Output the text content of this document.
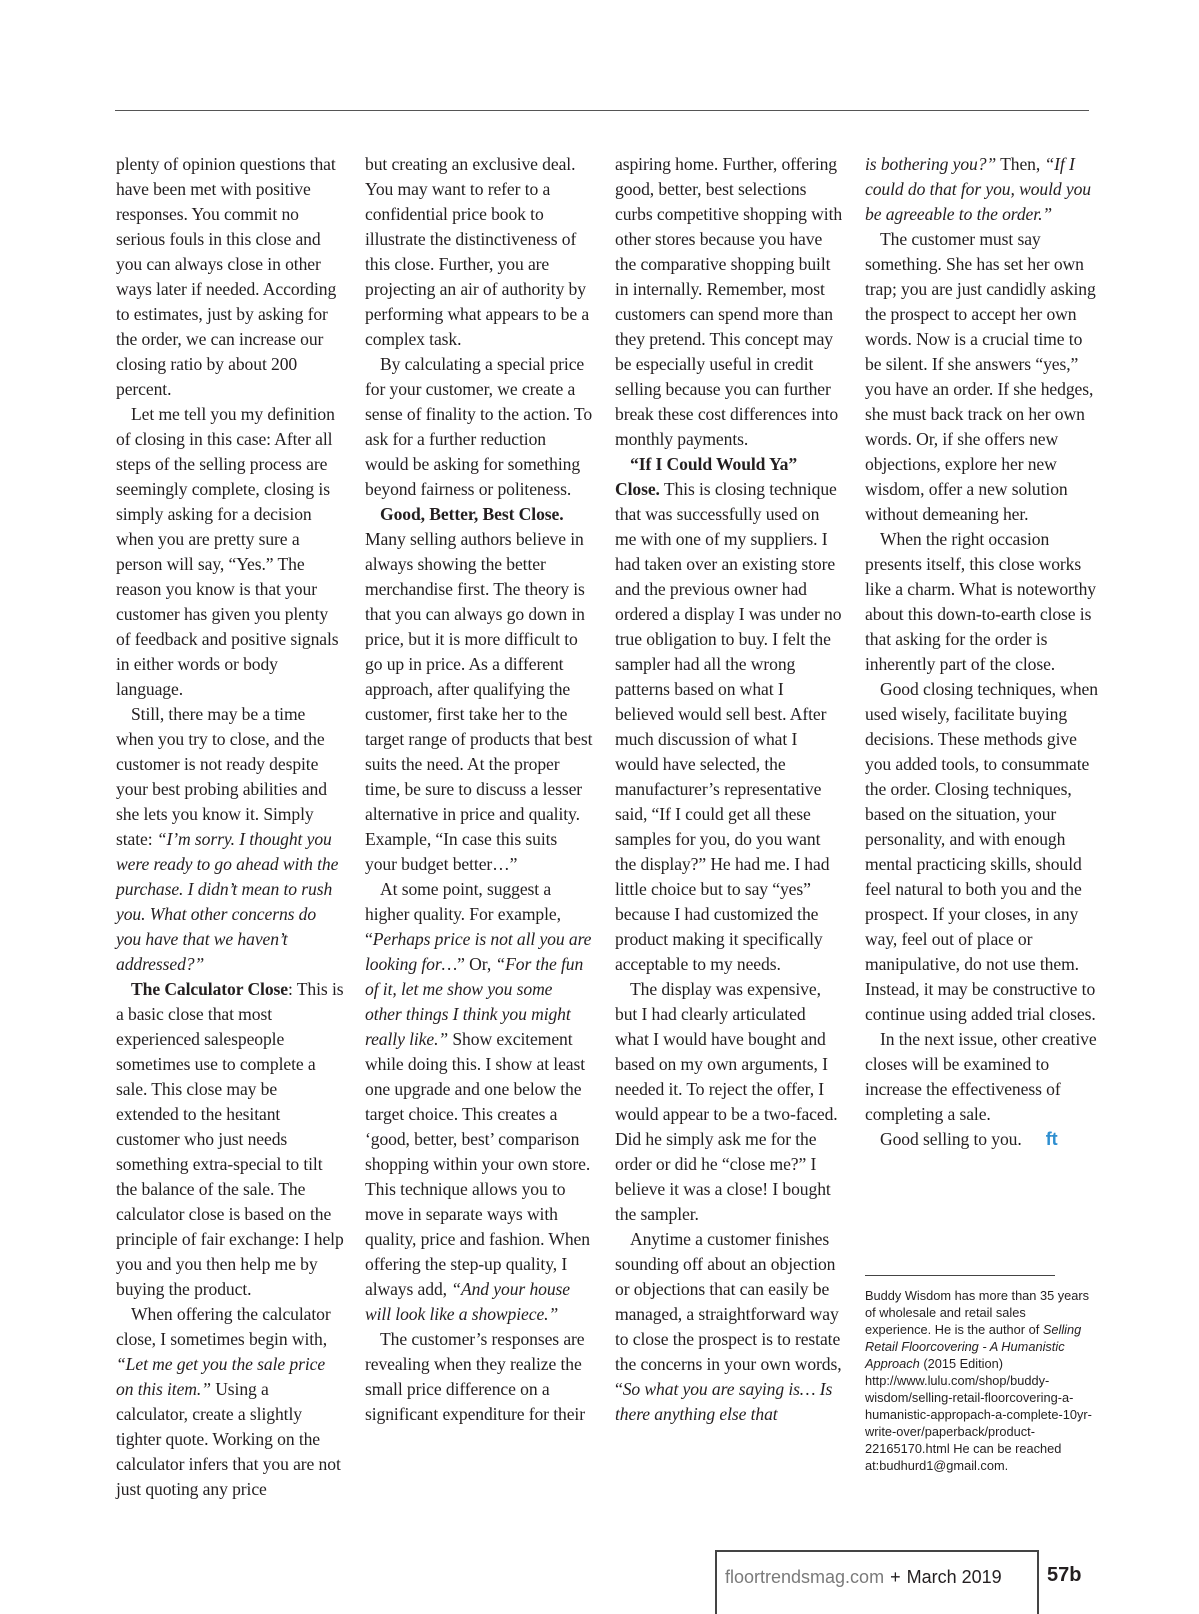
plenty of opinion questions that have been met with positive responses. You commit no serious fouls in this close and you can always close in other ways later if needed. According to estimates, just by asking for the order, we can increase our closing ratio by about 200 percent.

Let me tell you my definition of closing in this case: After all steps of the selling process are seemingly complete, closing is simply asking for a decision when you are pretty sure a person will say, “Yes.” The reason you know is that your customer has given you plenty of feedback and positive signals in either words or body language.

Still, there may be a time when you try to close, and the customer is not ready despite your best probing abilities and she lets you know it. Simply state: “I’m sorry. I thought you were ready to go ahead with the purchase. I didn’t mean to rush you. What other concerns do you have that we haven’t addressed?”

The Calculator Close: This is a basic close that most experienced salespeople sometimes use to complete a sale. This close may be extended to the hesitant customer who just needs something extra-special to tilt the balance of the sale. The calculator close is based on the principle of fair exchange: I help you and you then help me by buying the product.

When offering the calculator close, I sometimes begin with, “Let me get you the sale price on this item.” Using a calculator, create a slightly tighter quote. Working on the calculator infers that you are not just quoting any price

but creating an exclusive deal. You may want to refer to a confidential price book to illustrate the distinctiveness of this close. Further, you are projecting an air of authority by performing what appears to be a complex task.

By calculating a special price for your customer, we create a sense of finality to the action. To ask for a further reduction would be asking for something beyond fairness or politeness.

Good, Better, Best Close. Many selling authors believe in always showing the better merchandise first. The theory is that you can always go down in price, but it is more difficult to go up in price. As a different approach, after qualifying the customer, first take her to the target range of products that best suits the need. At the proper time, be sure to discuss a lesser alternative in price and quality. Example, “In case this suits your budget better…”

At some point, suggest a higher quality. For example, “Perhaps price is not all you are looking for…” Or, “For the fun of it, let me show you some other things I think you might really like.” Show excitement while doing this. I show at least one upgrade and one below the target choice. This creates a ‘good, better, best’ comparison shopping within your own store. This technique allows you to move in separate ways with quality, price and fashion. When offering the step-up quality, I always add, “And your house will look like a showpiece.”

The customer’s responses are revealing when they realize the small price difference on a significant expenditure for their

aspiring home. Further, offering good, better, best selections curbs competitive shopping with other stores because you have the comparative shopping built in internally. Remember, most customers can spend more than they pretend. This concept may be especially useful in credit selling because you can further break these cost differences into monthly payments.

“If I Could Would Ya” Close. This is closing technique that was successfully used on me with one of my suppliers. I had taken over an existing store and the previous owner had ordered a display I was under no true obligation to buy. I felt the sampler had all the wrong patterns based on what I believed would sell best. After much discussion of what I would have selected, the manufacturer’s representative said, “If I could get all these samples for you, do you want the display?” He had me. I had little choice but to say “yes” because I had customized the product making it specifically acceptable to my needs.

The display was expensive, but I had clearly articulated what I would have bought and based on my own arguments, I needed it. To reject the offer, I would appear to be a two-faced. Did he simply ask me for the order or did he “close me?” I believe it was a close! I bought the sampler.

Anytime a customer finishes sounding off about an objection or objections that can easily be managed, a straightforward way to close the prospect is to restate the concerns in your own words, “So what you are saying is… Is there anything else that

is bothering you?” Then, “If I could do that for you, would you be agreeable to the order.”

The customer must say something. She has set her own trap; you are just candidly asking the prospect to accept her own words. Now is a crucial time to be silent. If she answers “yes,” you have an order. If she hedges, she must back track on her own words. Or, if she offers new objections, explore her new wisdom, offer a new solution without demeaning her.

When the right occasion presents itself, this close works like a charm. What is noteworthy about this down-to-earth close is that asking for the order is inherently part of the close.

Good closing techniques, when used wisely, facilitate buying decisions. These methods give you added tools, to consummate the order. Closing techniques, based on the situation, your personality, and with enough mental practicing skills, should feel natural to both you and the prospect. If your closes, in any way, feel out of place or manipulative, do not use them. Instead, it may be constructive to continue using added trial closes.

In the next issue, other creative closes will be examined to increase the effectiveness of completing a sale.

Good selling to you. ft

Buddy Wisdom has more than 35 years of wholesale and retail sales experience. He is the author of Selling Retail Floorcovering - A Humanistic Approach (2015 Edition) http://www.lulu.com/shop/buddy-wisdom/selling-retail-floorcovering-a-humanistic-appropach-a-complete-10yr-write-over/paperback/product-22165170.html He can be reached at:budhurd1@gmail.com.
floortrendsmag.com + March 2019 57b
